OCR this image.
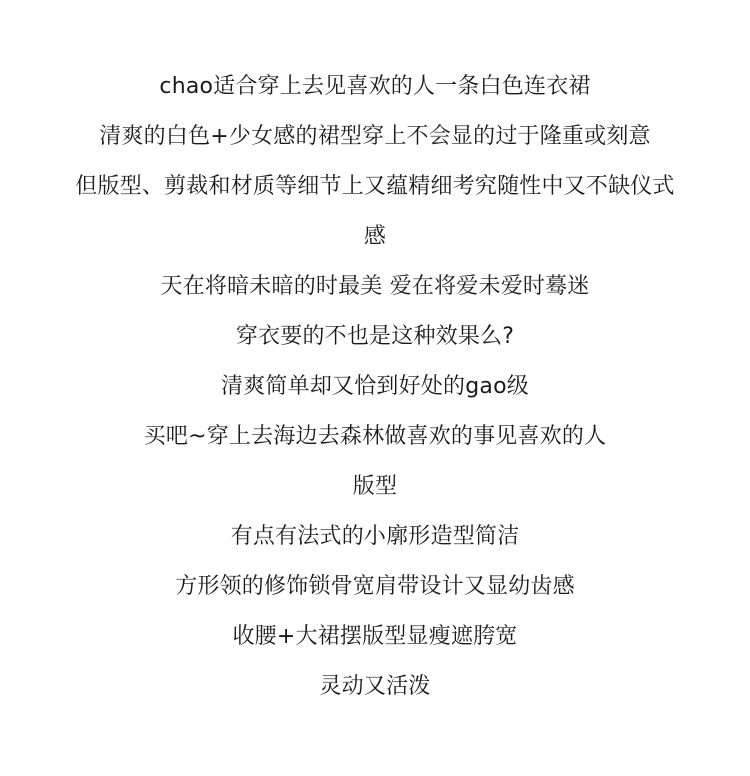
chao适合穿上去见喜欢的人一条白色连衣裙
清爽的白色+少女感的裙型穿上不会显的过于隆重或刻意
但版型、剪裁和材质等细节上又蕴精细考究随性中又不缺仪式
感
天在将暗未暗的时最美 爱在将爱未爱时蓦迷
穿衣要的不也是这种效果么?
清爽简单却又恰到好处的gao级
买吧~穿上去海边去森林做喜欢的事见喜欢的人
版型
有点有法式的小廓形造型简洁
方形领的修饰锁骨宽肩带设计又显幼齿感
收腰+大裙摆版型显瘦遮胯宽
灵动又活泼
